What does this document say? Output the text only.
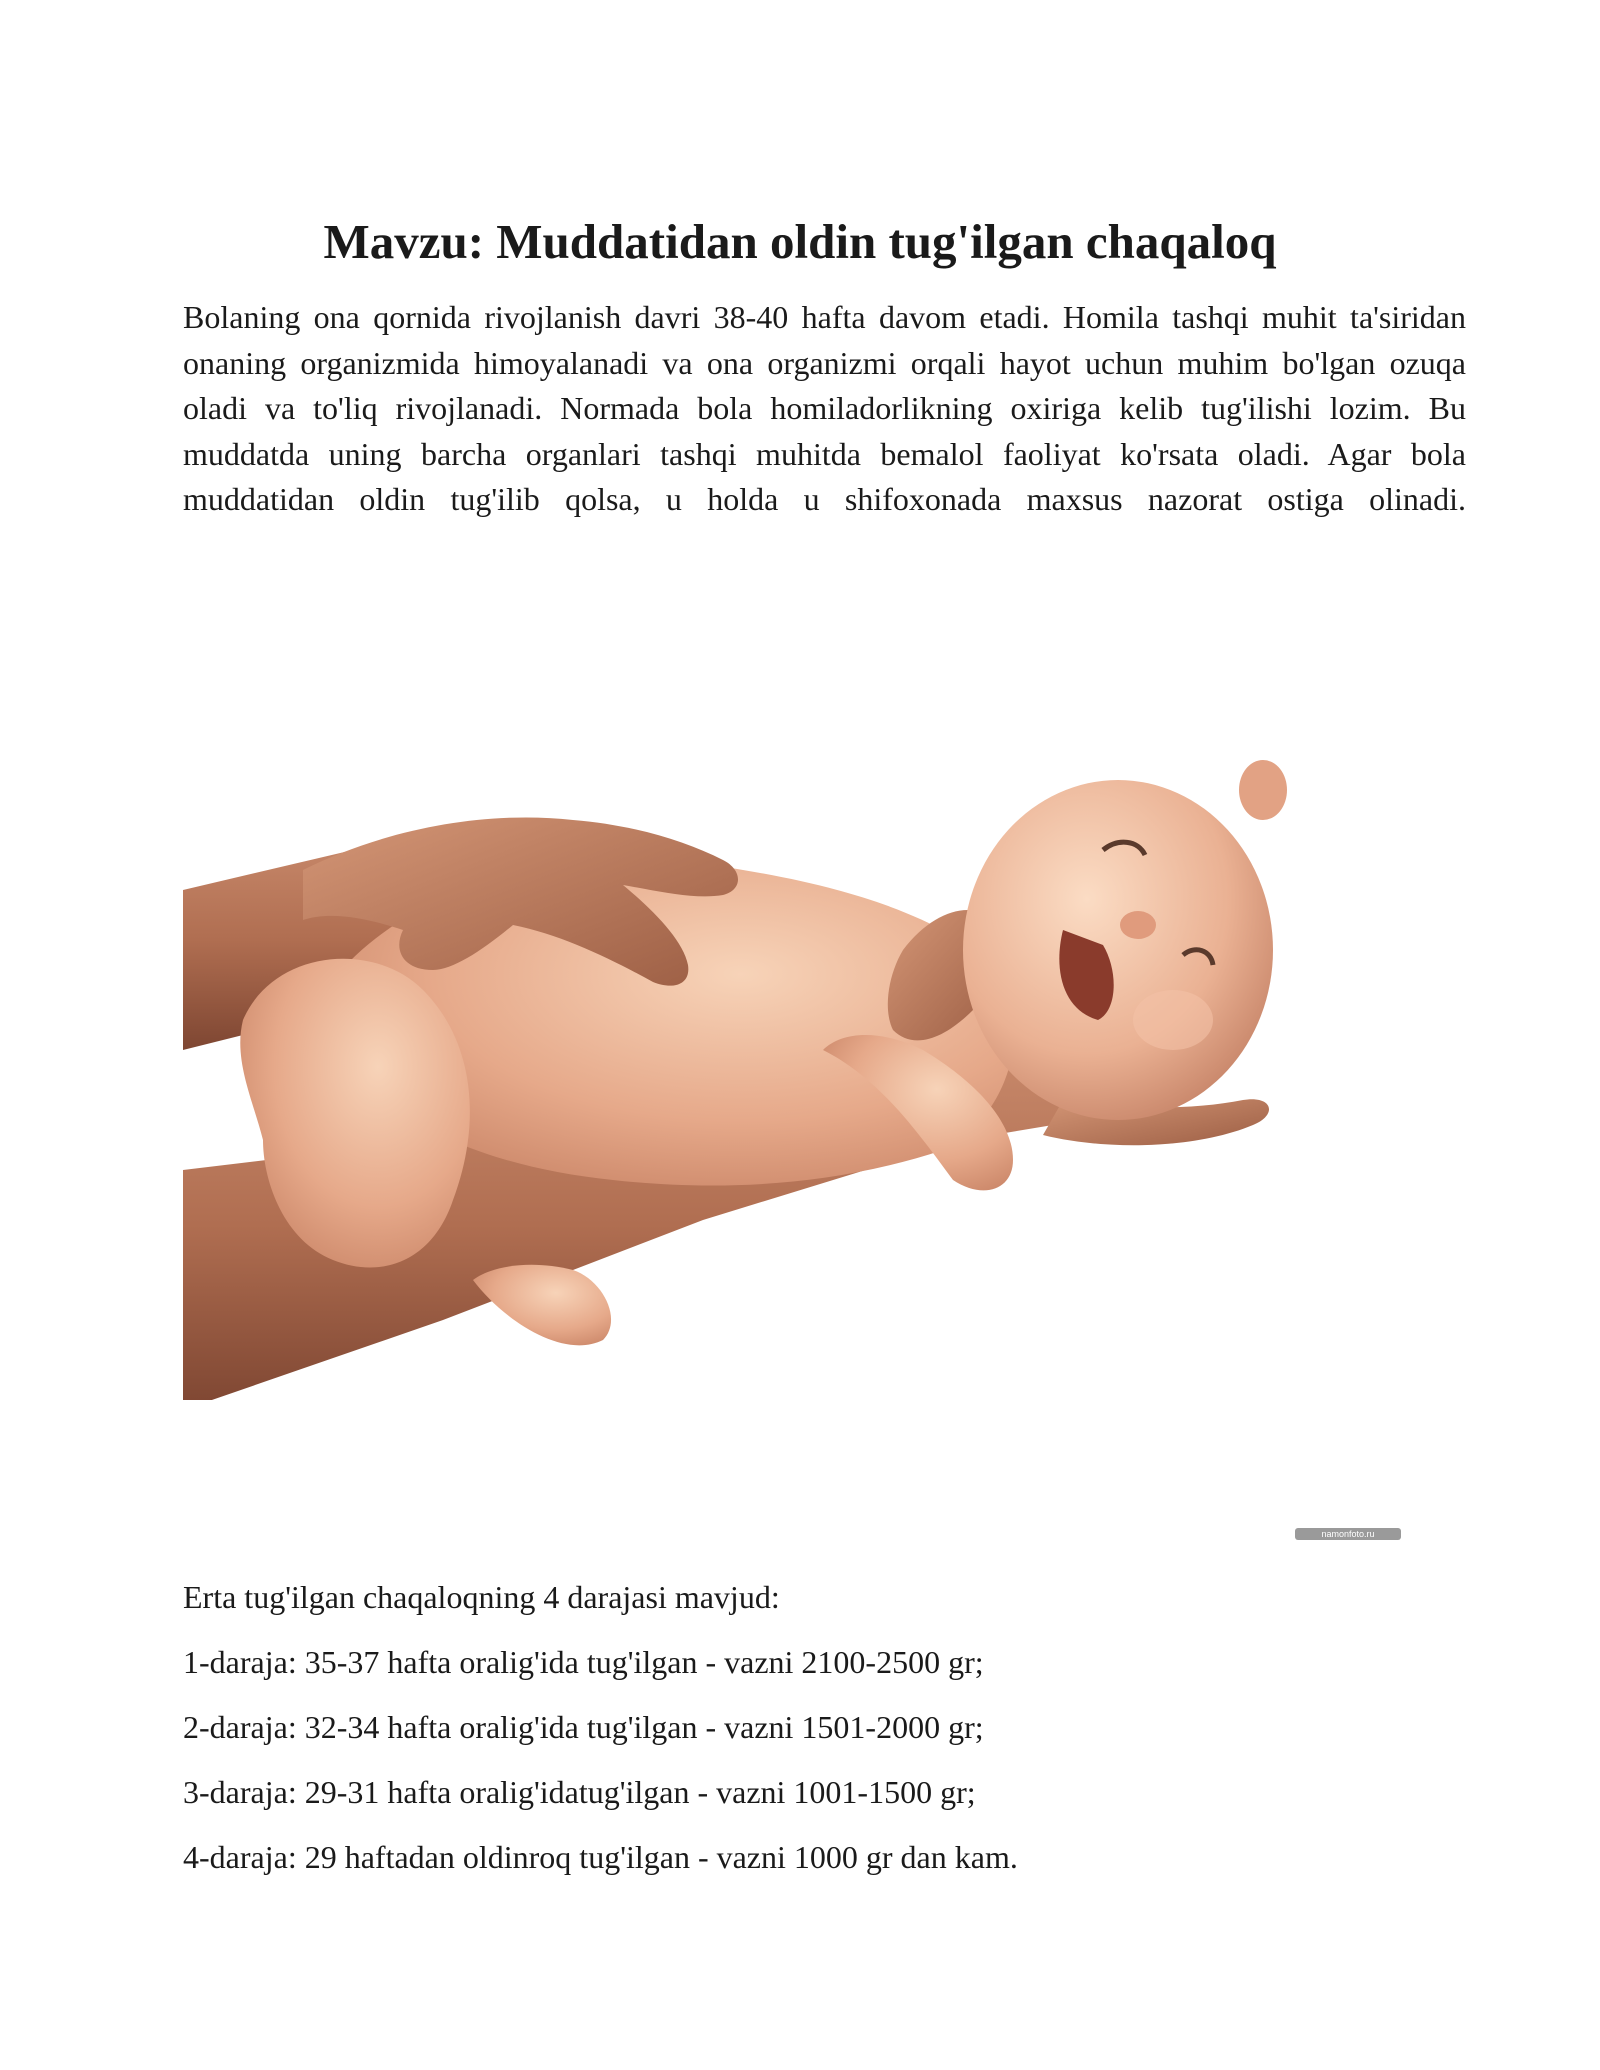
Mavzu: Muddatidan oldin tug'ilgan chaqaloq

Bolaning ona qornida rivojlanish davri 38-40 hafta davom etadi. Homila tashqi muhit ta'siridan onaning organizmida himoyalanadi va ona organizmi orqali hayot uchun muhim bo'lgan ozuqa oladi va to'liq rivojlanadi. Normada bola homiladorlikning oxiriga kelib tug'ilishi lozim. Bu muddatda uning barcha organlari tashqi muhitda bemalol faoliyat ko'rsata oladi. Agar bola muddatidan oldin tug'ilib qolsa, u holda u shifoxonada maxsus nazorat ostiga olinadi.

namonfoto.ru
Erta tug'ilgan chaqaloqning 4 darajasi mavjud:
1-daraja: 35-37 hafta oralig'ida tug'ilgan - vazni 2100-2500 gr;
2-daraja: 32-34 hafta oralig'ida tug'ilgan - vazni 1501-2000 gr;
3-daraja: 29-31 hafta oralig'idatug'ilgan - vazni 1001-1500 gr;
4-daraja: 29 haftadan oldinroq tug'ilgan - vazni 1000 gr dan kam.
